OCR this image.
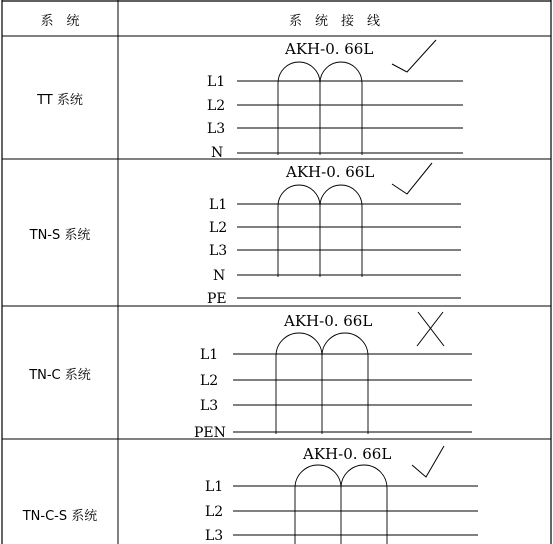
系　统	系　统　接　线
TT 系统
TN-S 系统
TN-C 系统
TN-C-S 系统
AKH-0. 66L
L1
L2
L3
N
AKH-0. 66L
L1
L2
L3
N
PE
AKH-0. 66L
L1
L2
L3
PEN
AKH-0. 66L
L1
L2
L3
